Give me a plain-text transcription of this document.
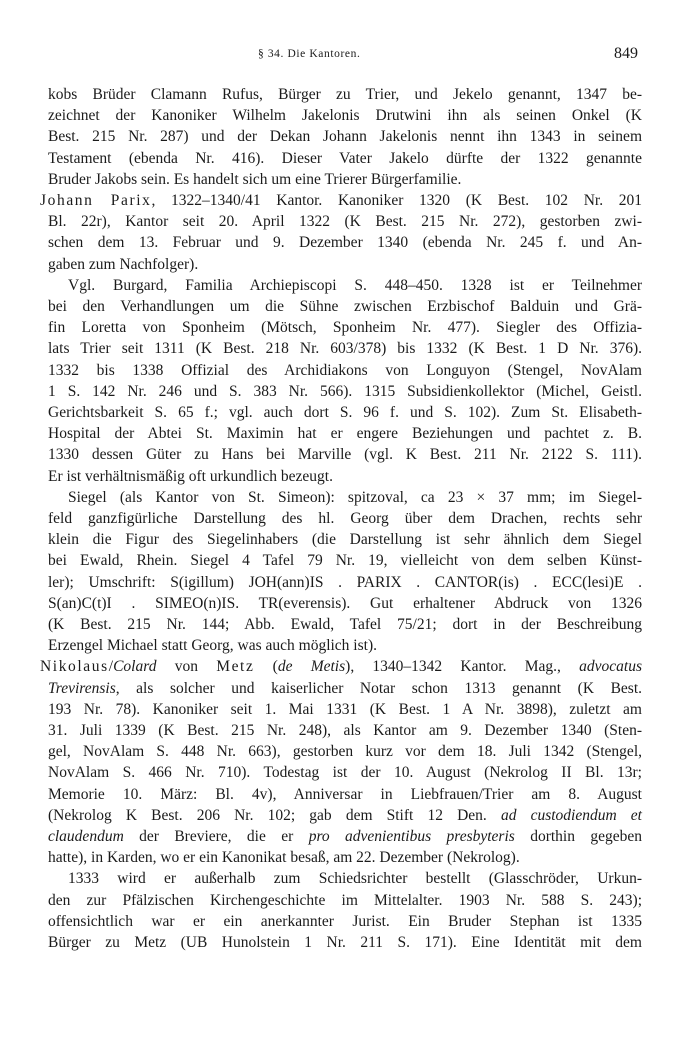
§ 34. Die Kantoren.	849
kobs Brüder Clamann Rufus, Bürger zu Trier, und Jekelo genannt, 1347 be-
zeichnet der Kanoniker Wilhelm Jakelonis Drutwini ihn als seinen Onkel (K
Best. 215 Nr. 287) und der Dekan Johann Jakelonis nennt ihn 1343 in seinem
Testament (ebenda Nr. 416). Dieser Vater Jakelo dürfte der 1322 genannte
Bruder Jakobs sein. Es handelt sich um eine Trierer Bürgerfamilie.
Johann Parix, 1322–1340/41 Kantor. Kanoniker 1320 (K Best. 102 Nr. 201
Bl. 22r), Kantor seit 20. April 1322 (K Best. 215 Nr. 272), gestorben zwi-
schen dem 13. Februar und 9. Dezember 1340 (ebenda Nr. 245 f. und An-
gaben zum Nachfolger).
Vgl. Burgard, Familia Archiepiscopi S. 448–450. 1328 ist er Teilnehmer
bei den Verhandlungen um die Sühne zwischen Erzbischof Balduin und Grä-
fin Loretta von Sponheim (Mötsch, Sponheim Nr. 477). Siegler des Offizia-
lats Trier seit 1311 (K Best. 218 Nr. 603/378) bis 1332 (K Best. 1 D Nr. 376).
1332 bis 1338 Offizial des Archidiakons von Longuyon (Stengel, NovAlam
1 S. 142 Nr. 246 und S. 383 Nr. 566). 1315 Subsidienkollektor (Michel, Geistl.
Gerichtsbarkeit S. 65 f.; vgl. auch dort S. 96 f. und S. 102). Zum St. Elisabeth-
Hospital der Abtei St. Maximin hat er engere Beziehungen und pachtet z. B.
1330 dessen Güter zu Hans bei Marville (vgl. K Best. 211 Nr. 2122 S. 111).
Er ist verhältnismäßig oft urkundlich bezeugt.
Siegel (als Kantor von St. Simeon): spitzoval, ca 23 × 37 mm; im Siegel-
feld ganzfigürliche Darstellung des hl. Georg über dem Drachen, rechts sehr
klein die Figur des Siegelinhabers (die Darstellung ist sehr ähnlich dem Siegel
bei Ewald, Rhein. Siegel 4 Tafel 79 Nr. 19, vielleicht von dem selben Künst-
ler); Umschrift: S(igillum) JOH(ann)IS . PARIX . CANTOR(is) . ECC(lesi)E .
S(an)C(t)I . SIMEO(n)IS. TR(everensis). Gut erhaltener Abdruck von 1326
(K Best. 215 Nr. 144; Abb. Ewald, Tafel 75/21; dort in der Beschreibung
Erzengel Michael statt Georg, was auch möglich ist).
Nikolaus/Colard von Metz (de Metis), 1340–1342 Kantor. Mag., advocatus
Trevirensis, als solcher und kaiserlicher Notar schon 1313 genannt (K Best.
193 Nr. 78). Kanoniker seit 1. Mai 1331 (K Best. 1 A Nr. 3898), zuletzt am
31. Juli 1339 (K Best. 215 Nr. 248), als Kantor am 9. Dezember 1340 (Sten-
gel, NovAlam S. 448 Nr. 663), gestorben kurz vor dem 18. Juli 1342 (Stengel,
NovAlam S. 466 Nr. 710). Todestag ist der 10. August (Nekrolog II Bl. 13r;
Memorie 10. März: Bl. 4v), Anniversar in Liebfrauen/Trier am 8. August
(Nekrolog K Best. 206 Nr. 102; gab dem Stift 12 Den. ad custodiendum et
claudendum der Breviere, die er pro advenientibus presbyteris dorthin gegeben
hatte), in Karden, wo er ein Kanonikat besaß, am 22. Dezember (Nekrolog).
1333 wird er außerhalb zum Schiedsrichter bestellt (Glasschröder, Urkun-
den zur Pfälzischen Kirchengeschichte im Mittelalter. 1903 Nr. 588 S. 243);
offensichtlich war er ein anerkannter Jurist. Ein Bruder Stephan ist 1335
Bürger zu Metz (UB Hunolstein 1 Nr. 211 S. 171). Eine Identität mit dem
